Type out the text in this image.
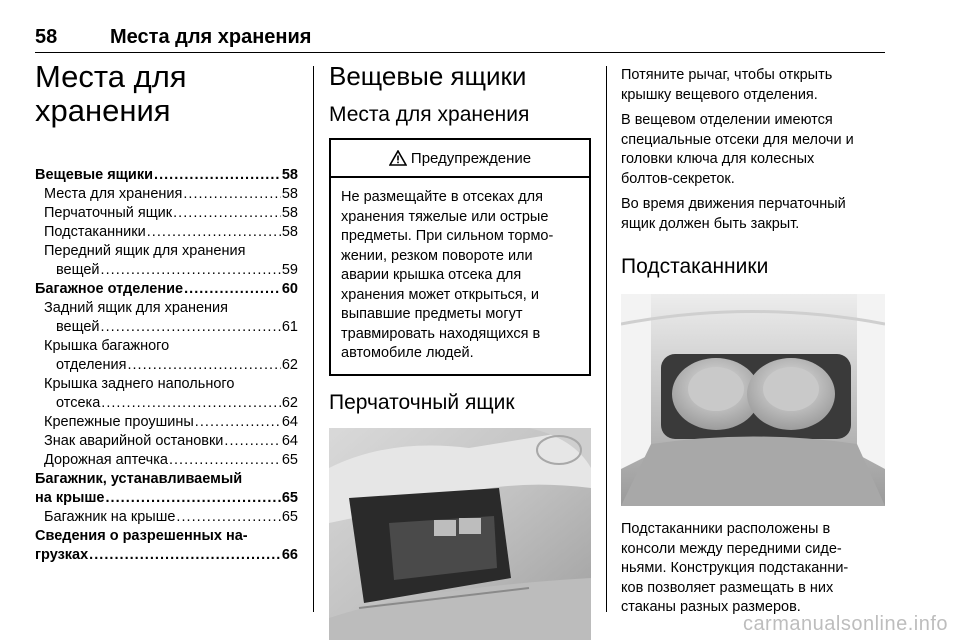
58	Места для хранения
Места для
хранения
Вещевые ящики . . .	58
Места для хранения . . .	58
Перчаточный ящик . . .	58
Подстаканники . . .	58
Передний ящик для хранения
вещей . . .	59
Багажное отделение . . .	60
Задний ящик для хранения
вещей . . .	61
Крышка багажного
отделения . . .	62
Крышка заднего напольного
отсека . . .	62
Крепежные проушины . . .	64
Знак аварийной остановки . . .	64
Дорожная аптечка . . .	65
Багажник, устанавливаемый
на крыше . . .	65
Багажник на крыше . . .	65
Сведения о разрешенных на-
грузках . . .	66
Вещевые ящики
Места для хранения
Предупреждение
Не размещайте в отсеках для
хранения тяжелые или острые
предметы. При сильном тормо-
жении, резком повороте или
аварии крышка отсека для
хранения может открыться, и
выпавшие предметы могут
травмировать находящихся в
автомобиле людей.
Перчаточный ящик

Потяните рычаг, чтобы открыть
крышку вещевого отделения.

В вещевом отделении имеются
специальные отсеки для мелочи и
головки ключа для колесных
болтов-секреток.

Во время движения перчаточный
ящик должен быть закрыт.

Подстаканники

Подстаканники расположены в
консоли между передними сиде-
ньями. Конструкция подстаканни-
ков позволяет размещать в них
стаканы разных размеров.

carmanualsonline.info
